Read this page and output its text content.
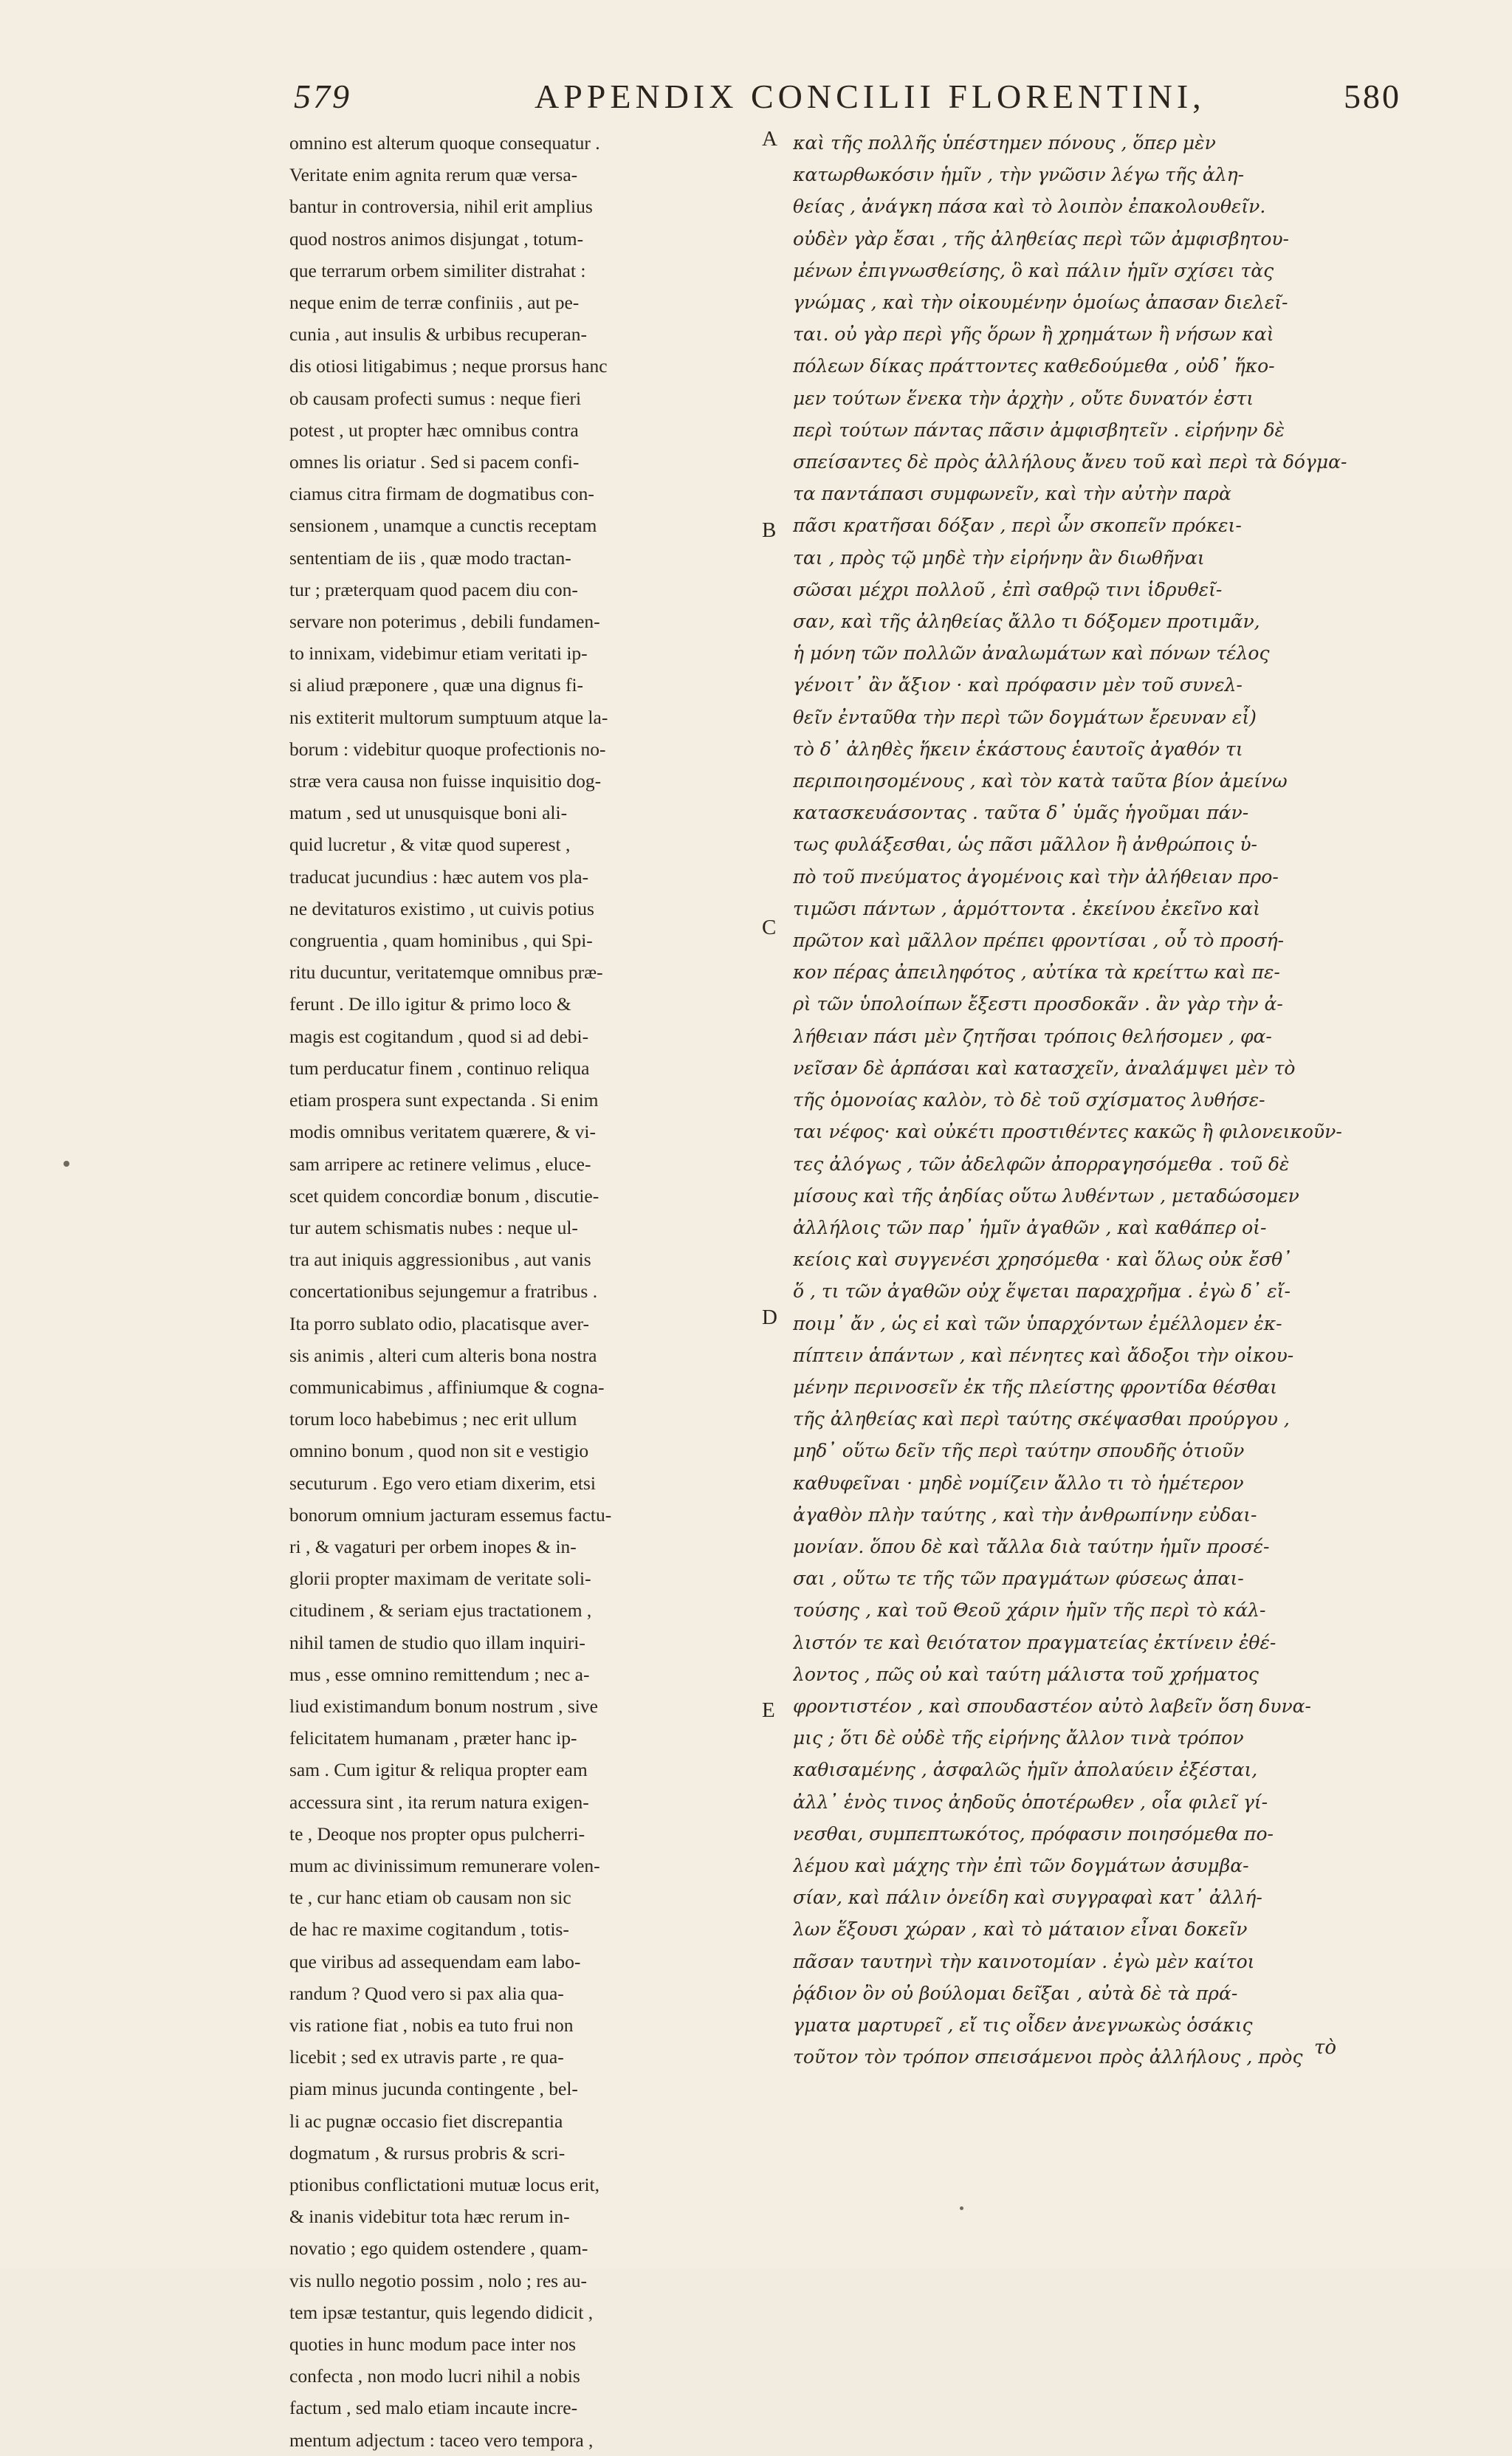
579	APPENDIX CONCILII FLORENTINI,	580
omnino est alterum quoque consequatur .
Veritate enim agnita rerum quæ versa-
bantur in controversia, nihil erit amplius
quod nostros animos disjungat , totum-
que terrarum orbem similiter distrahat :
neque enim de terræ confiniis , aut pe-
cunia , aut insulis & urbibus recuperan-
dis otiosi litigabimus ; neque prorsus hanc
ob causam profecti sumus : neque fieri
potest , ut propter hæc omnibus contra
omnes lis oriatur . Sed si pacem confi-
ciamus citra firmam de dogmatibus con-
sensionem , unamque a cunctis receptam
sententiam de iis , quæ modo tractan-
tur ; præterquam quod pacem diu con-
servare non poterimus , debili fundamen-
to innixam, videbimur etiam veritati ip-
si aliud præponere , quæ una dignus fi-
nis extiterit multorum sumptuum atque la-
borum : videbitur quoque profectionis no-
stræ vera causa non fuisse inquisitio dog-
matum , sed ut unusquisque boni ali-
quid lucretur , & vitæ quod superest ,
traducat jucundius : hæc autem vos pla-
ne devitaturos existimo , ut cuivis potius
congruentia , quam hominibus , qui Spi-
ritu ducuntur, veritatemque omnibus præ-
ferunt . De illo igitur & primo loco &
magis est cogitandum , quod si ad debi-
tum perducatur finem , continuo reliqua
etiam prospera sunt expectanda . Si enim
modis omnibus veritatem quærere, & vi-
sam arripere ac retinere velimus , eluce-
scet quidem concordiæ bonum , discutie-
tur autem schismatis nubes : neque ul-
tra aut iniquis aggressionibus , aut vanis
concertationibus sejungemur a fratribus .
Ita porro sublato odio, placatisque aver-
sis animis , alteri cum alteris bona nostra
communicabimus , affiniumque & cogna-
torum loco habebimus ; nec erit ullum
omnino bonum , quod non sit e vestigio
secuturum . Ego vero etiam dixerim, etsi
bonorum omnium jacturam essemus factu-
ri , & vagaturi per orbem inopes & in-
glorii propter maximam de veritate soli-
citudinem , & seriam ejus tractationem ,
nihil tamen de studio quo illam inquiri-
mus , esse omnino remittendum ; nec a-
liud existimandum bonum nostrum , sive
felicitatem humanam , præter hanc ip-
sam . Cum igitur & reliqua propter eam
accessura sint , ita rerum natura exigen-
te , Deoque nos propter opus pulcherri-
mum ac divinissimum remunerare volen-
te , cur hanc etiam ob causam non sic
de hac re maxime cogitandum , totis-
que viribus ad assequendam eam labo-
randum ? Quod vero si pax alia qua-
vis ratione fiat , nobis ea tuto frui non
licebit ; sed ex utravis parte , re qua-
piam minus jucunda contingente , bel-
li ac pugnæ occasio fiet discrepantia
dogmatum , & rursus probris & scri-
ptionibus conflictationi mutuæ locus erit,
& inanis videbitur tota hæc rerum in-
novatio ; ego quidem ostendere , quam-
vis nullo negotio possim , nolo ; res au-
tem ipsæ testantur, quis legendo didicit ,
quoties in hunc modum pace inter nos
confecta , non modo lucri nihil a nobis
factum , sed malo etiam incaute incre-
mentum adjectum : taceo vero tempora ,
καὶ τῆς πολλῆς ὑπέστημεν πόνους , ὅπερ μὲν
κατωρθωκόσιν ἡμῖν , τὴν γνῶσιν λέγω τῆς ἀλη-
θείας , ἀνάγκη πάσα καὶ τὸ λοιπὸν ἐπακολουθεῖν.
οὐδὲν γὰρ ἔσαι , τῆς ἀληθείας περὶ τῶν ἀμφισβητου-
μένων ἐπιγνωσθείσης, ὃ καὶ πάλιν ἡμῖν σχίσει τὰς
γνώμας , καὶ τὴν οἰκουμένην ὁμοίως ἀπασαν διελεῖ-
ται. οὐ γὰρ περὶ γῆς ὅρων ἢ χρημάτων ἢ νήσων καὶ
πόλεων δίκας πράττοντες καθεδούμεθα , οὐδ᾽ ἥκο-
μεν τούτων ἕνεκα τὴν ἀρχὴν , οὔτε δυνατόν ἐστι
περὶ τούτων πάντας πᾶσιν ἀμφισβητεῖν . εἰρήνην δὲ
σπείσαντες δὲ πρὸς ἀλλήλους ἄνευ τοῦ καὶ περὶ τὰ δόγμα-
τα παντάπασι συμφωνεῖν, καὶ τὴν αὐτὴν παρὰ
πᾶσι κρατῆσαι δόξαν , περὶ ὧν σκοπεῖν πρόκει-
ται , πρὸς τῷ μηδὲ τὴν εἰρήνην ἂν διωθῆναι
σῶσαι μέχρι πολλοῦ , ἐπὶ σαθρῷ τινι ἱδρυθεῖ-
σαν, καὶ τῆς ἀληθείας ἄλλο τι δόξομεν προτιμᾶν,
ἡ μόνη τῶν πολλῶν ἀναλωμάτων καὶ πόνων τέλος
γένοιτ᾽ ἂν ἄξιον · καὶ πρόφασιν μὲν τοῦ συνελ-
θεῖν ἐνταῦθα τὴν περὶ τῶν δογμάτων ἔρευναν εἶ)
τὸ δ᾽ ἀληθὲς ἥκειν ἑκάστους ἑαυτοῖς ἀγαθόν τι
περιποιησομένους , καὶ τὸν κατὰ ταῦτα βίον ἀμείνω
κατασκευάσοντας . ταῦτα δ᾽ ὑμᾶς ἡγοῦμαι πάν-
τως φυλάξεσθαι, ὡς πᾶσι μᾶλλον ἢ ἀνθρώποις ὑ-
πὸ τοῦ πνεύματος ἀγομένοις καὶ τὴν ἀλήθειαν προ-
τιμῶσι πάντων , ἁρμόττοντα . ἐκείνου ἐκεῖνο καὶ
πρῶτον καὶ μᾶλλον πρέπει φροντίσαι , οὗ τὸ προσή-
κον πέρας ἀπειληφότος , αὐτίκα τὰ κρείττω καὶ πε-
ρὶ τῶν ὑπολοίπων ἔξεστι προσδοκᾶν . ἂν γὰρ τὴν ἀ-
λήθειαν πάσι μὲν ζητῆσαι τρόποις θελήσομεν , φα-
νεῖσαν δὲ ἁρπάσαι καὶ κατασχεῖν, ἀναλάμψει μὲν τὸ
τῆς ὁμονοίας καλὸν, τὸ δὲ τοῦ σχίσματος λυθήσε-
ται νέφος· καὶ οὐκέτι προστιθέντες κακῶς ἢ φιλονεικοῦν-
τες ἀλόγως , τῶν ἀδελφῶν ἀπορραγησόμεθα . τοῦ δὲ
μίσους καὶ τῆς ἀηδίας οὕτω λυθέντων , μεταδώσομεν
ἀλλήλοις τῶν παρ᾽ ἡμῖν ἀγαθῶν , καὶ καθάπερ οἰ-
κείοις καὶ συγγενέσι χρησόμεθα · καὶ ὅλως οὐκ ἔσθ᾽
ὅ , τι τῶν ἀγαθῶν οὐχ ἕψεται παραχρῆμα . ἐγὼ δ᾽ εἴ-
ποιμ᾽ ἄν , ὡς εἰ καὶ τῶν ὑπαρχόντων ἐμέλλομεν ἐκ-
πίπτειν ἁπάντων , καὶ πένητες καὶ ἄδοξοι τὴν οἰκου-
μένην περινοσεῖν ἐκ τῆς πλείστης φροντίδα θέσθαι
τῆς ἀληθείας καὶ περὶ ταύτης σκέψασθαι προύργου ,
μηδ᾽ οὕτω δεῖν τῆς περὶ ταύτην σπουδῆς ὁτιοῦν
καθυφεῖναι · μηδὲ νομίζειν ἄλλο τι τὸ ἡμέτερον
ἀγαθὸν πλὴν ταύτης , καὶ τὴν ἀνθρωπίνην εὐδαι-
μονίαν. ὅπου δὲ καὶ τἄλλα διὰ ταύτην ἡμῖν προσέ-
σαι , οὕτω τε τῆς τῶν πραγμάτων φύσεως ἀπαι-
τούσης , καὶ τοῦ Θεοῦ χάριν ἡμῖν τῆς περὶ τὸ κάλ-
λιστόν τε καὶ θειότατον πραγματείας ἐκτίνειν ἐθέ-
λοντος , πῶς οὐ καὶ ταύτη μάλιστα τοῦ χρήματος
φροντιστέον , καὶ σπουδαστέον αὐτὸ λαβεῖν ὅση δυνα-
μις ; ὅτι δὲ οὐδὲ τῆς εἰρήνης ἄλλον τινὰ τρόπον
καθισαμένης , ἀσφαλῶς ἡμῖν ἀπολαύειν ἐξέσται,
ἀλλ᾽ ἑνὸς τινος ἀηδοῦς ὁποτέρωθεν , οἷα φιλεῖ γί-
νεσθαι, συμπεπτωκότος, πρόφασιν ποιησόμεθα πο-
λέμου καὶ μάχης τὴν ἐπὶ τῶν δογμάτων ἀσυμβα-
σίαν, καὶ πάλιν ὀνείδη καὶ συγγραφαὶ κατ᾽ ἀλλή-
λων ἕξουσι χώραν , καὶ τὸ μάταιον εἶναι δοκεῖν
πᾶσαν ταυτηνὶ τὴν καινοτομίαν . ἐγὼ μὲν καίτοι
ῥᾴδιον ὂν οὐ βούλομαι δεῖξαι , αὐτὰ δὲ τὰ πρά-
γματα μαρτυρεῖ , εἴ τις οἶδεν ἀνεγνωκὼς ὁσάκις
τοῦτον τὸν τρόπον σπεισάμενοι πρὸς ἀλλήλους , πρὸς
A
B
C
D
E
τὸ
